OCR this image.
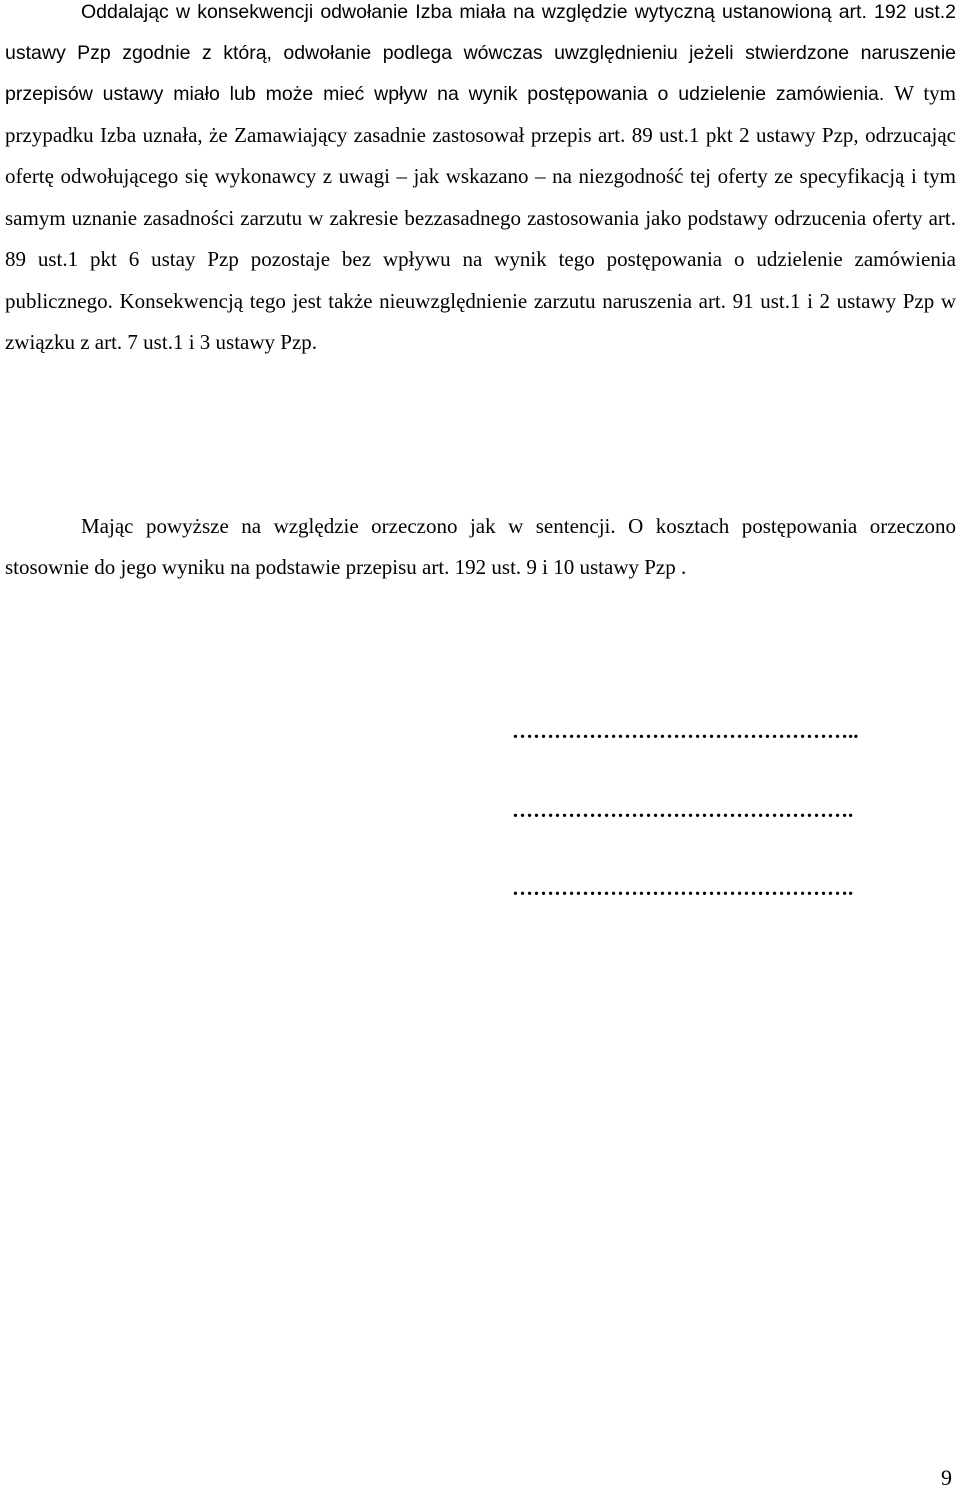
Oddalając w konsekwencji odwołanie Izba miała na względzie wytyczną ustanowioną art. 192 ust.2 ustawy Pzp zgodnie z którą, odwołanie podlega wówczas uwzględnieniu jeżeli stwierdzone naruszenie przepisów ustawy miało lub może mieć wpływ na wynik postępowania o udzielenie zamówienia. W tym przypadku Izba uznała, że Zamawiający zasadnie zastosował przepis art. 89 ust.1 pkt 2 ustawy Pzp, odrzucając ofertę odwołującego się wykonawcy z uwagi – jak wskazano – na niezgodność tej oferty ze specyfikacją i tym samym uznanie zasadności zarzutu w zakresie bezzasadnego zastosowania jako podstawy odrzucenia oferty art. 89 ust.1 pkt 6 ustay Pzp pozostaje bez wpływu na wynik tego postępowania o udzielenie zamówienia publicznego. Konsekwencją tego jest także nieuwzględnienie zarzutu naruszenia art. 91 ust.1 i 2 ustawy Pzp w związku z art. 7 ust.1 i 3 ustawy Pzp.

Mając powyższe na względzie orzeczono jak w sentencji. O kosztach postępowania orzeczono stosownie do jego wyniku na podstawie przepisu art. 192 ust. 9 i 10 ustawy Pzp .

…………………………………………..

………………………………………….

………………………………………….

9
